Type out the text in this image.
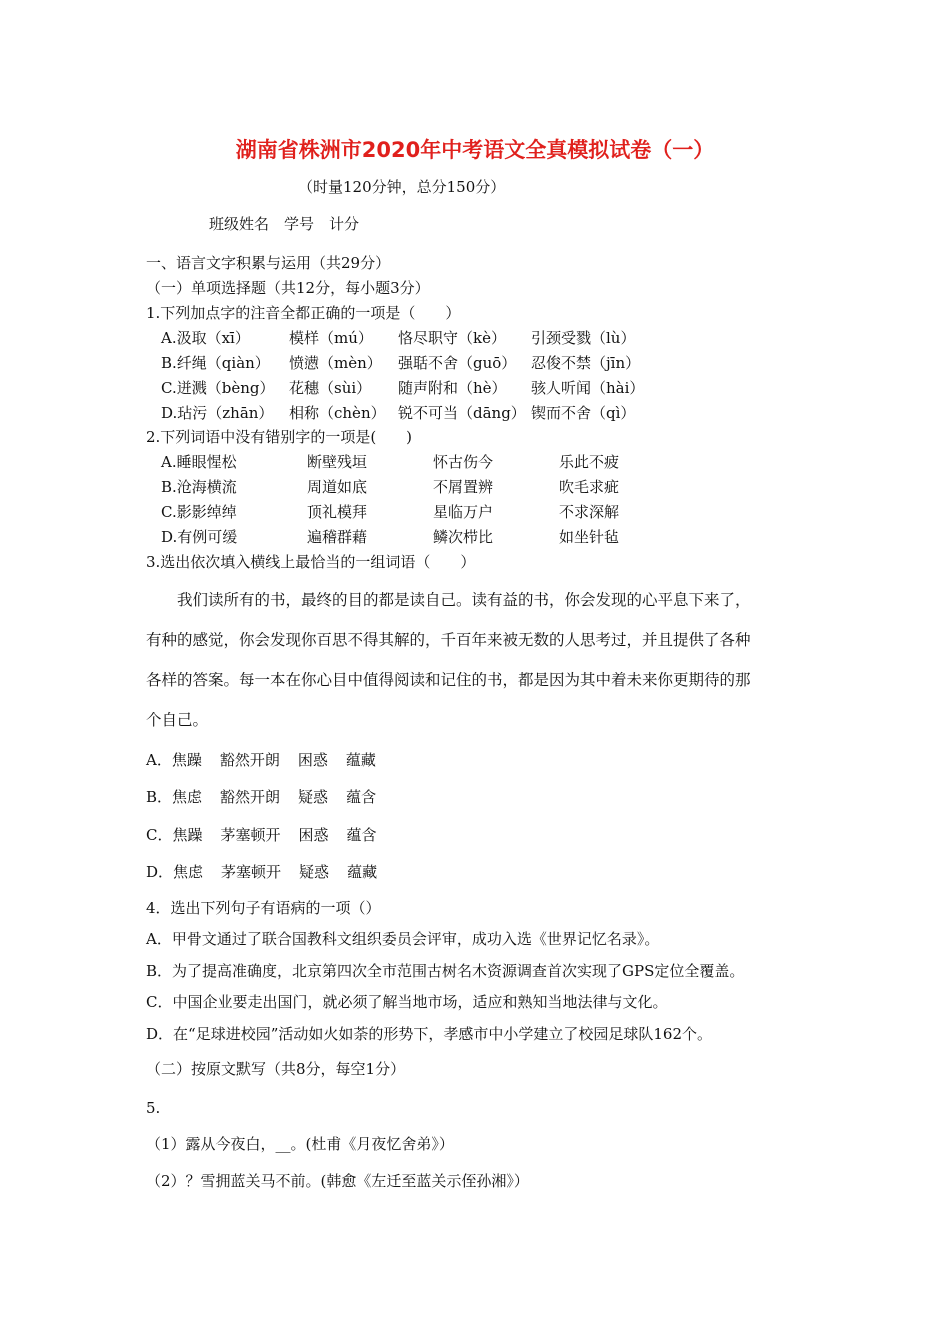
湖南省株洲市2020年中考语文全真模拟试卷（一）
（时量120分钟，总分150分）
班级姓名　学号　计分
一、语言文字积累与运用（共29分）
（一）单项选择题（共12分，每小题3分）
1.下列加点字的注音全都正确的一项是（　　）
A.汲取（xī）	模样（mú） 恪尽职守（kè） 引颈受戮（lù）
B.纤绳（qiàn） 愤懑（mèn） 强聒不舍（guō） 忍俊不禁（jīn）
C.迸溅（bèng） 花穗（sùi） 随声附和（hè） 骇人听闻（hài）
D.玷污（zhān） 相称（chèn） 锐不可当（dāng） 锲而不舍（qì）
2.下列词语中没有错别字的一项是(　　)
A.睡眼惺松	断壁残垣	怀古伤今	乐此不疲
B.沧海横流	周道如底	不屑置辨	吹毛求疵
C.影影绰绰	顶礼模拜	星临万户	不求深解
D.有例可缓	遍稽群藉	鳞次栉比	如坐针毡
3.选出依次填入横线上最恰当的一组词语（　　）
　　我们读所有的书，最终的目的都是读自己。读有益的书，你会发现的心平息下来了，
有种的感觉，你会发现你百思不得其解的，千百年来被无数的人思考过，并且提供了各种
各样的答案。每一本在你心目中值得阅读和记住的书，都是因为其中着未来你更期待的那
个自己。
A．焦躁 豁然开朗 困惑 蕴藏
B．焦虑 豁然开朗 疑惑 蕴含
C．焦躁 茅塞顿开 困惑 蕴含
D．焦虑 茅塞顿开 疑惑 蕴藏
4．选出下列句子有语病的一项（）
A．甲骨文通过了联合国教科文组织委员会评审，成功入选《世界记忆名录》。
B．为了提高准确度，北京第四次全市范围古树名木资源调查首次实现了GPS定位全覆盖。
C．中国企业要走出国门，就必须了解当地市场，适应和熟知当地法律与文化。
D．在“足球进校园”活动如火如荼的形势下，孝感市中小学建立了校园足球队162个。
（二）按原文默写（共8分，每空1分）
5.
（1）露从今夜白，__。(杜甫《月夜忆舍弟》）
（2）？雪拥蓝关马不前。(韩愈《左迁至蓝关示侄孙湘》）
